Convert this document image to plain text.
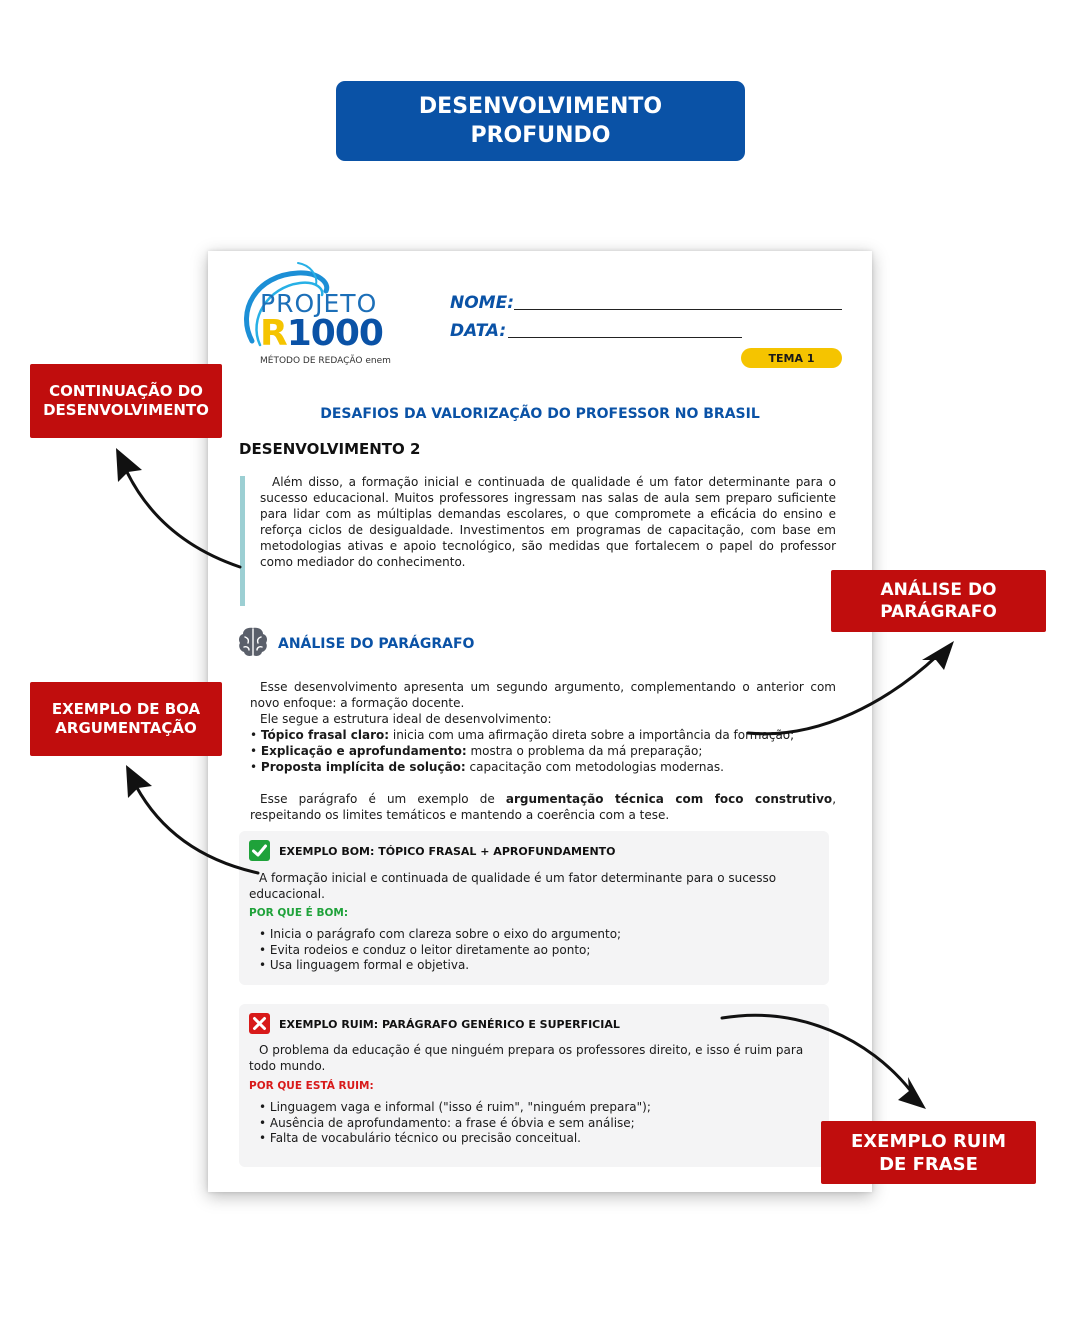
DESENVOLVIMENTO PROFUNDO
PROJETO
R1000
MÉTODO DE REDAÇÃO enem
NOME:
DATA:
TEMA 1
DESAFIOS DA VALORIZAÇÃO DO PROFESSOR NO BRASIL
DESENVOLVIMENTO 2

Além disso, a formação inicial e continuada de qualidade é um fator determinante para o sucesso educacional. Muitos professores ingressam nas salas de aula sem preparo suficiente para lidar com as múltiplas demandas escolares, o que compromete a eficácia do ensino e reforça ciclos de desigualdade. Investimentos em programas de capacitação, com base em metodologias ativas e apoio tecnológico, são medidas que fortalecem o papel do professor como mediador do conhecimento.

ANÁLISE DO PARÁGRAFO

Esse desenvolvimento apresenta um segundo argumento, complementando o anterior com novo enfoque: a formação docente.

Ele segue a estrutura ideal de desenvolvimento:

• Tópico frasal claro: inicia com uma afirmação direta sobre a importância da formação;

• Explicação e aprofundamento: mostra o problema da má preparação;

• Proposta implícita de solução: capacitação com metodologias modernas.

Esse parágrafo é um exemplo de argumentação técnica com foco construtivo, respeitando os limites temáticos e mantendo a coerência com a tese.

EXEMPLO BOM: TÓPICO FRASAL + APROFUNDAMENTO

A formação inicial e continuada de qualidade é um fator determinante para o sucesso educacional.

POR QUE É BOM:
• Inicia o parágrafo com clareza sobre o eixo do argumento;
• Evita rodeios e conduz o leitor diretamente ao ponto;
• Usa linguagem formal e objetiva.
EXEMPLO RUIM: PARÁGRAFO GENÉRICO E SUPERFICIAL

O problema da educação é que ninguém prepara os professores direito, e isso é ruim para todo mundo.

POR QUE ESTÁ RUIM:
• Linguagem vaga e informal ("isso é ruim", "ninguém prepara");
• Ausência de aprofundamento: a frase é óbvia e sem análise;
• Falta de vocabulário técnico ou precisão conceitual.
CONTINUAÇÃO DO DESENVOLVIMENTO
ANÁLISE DO PARÁGRAFO
EXEMPLO DE BOA ARGUMENTAÇÃO
EXEMPLO RUIM DE FRASE
